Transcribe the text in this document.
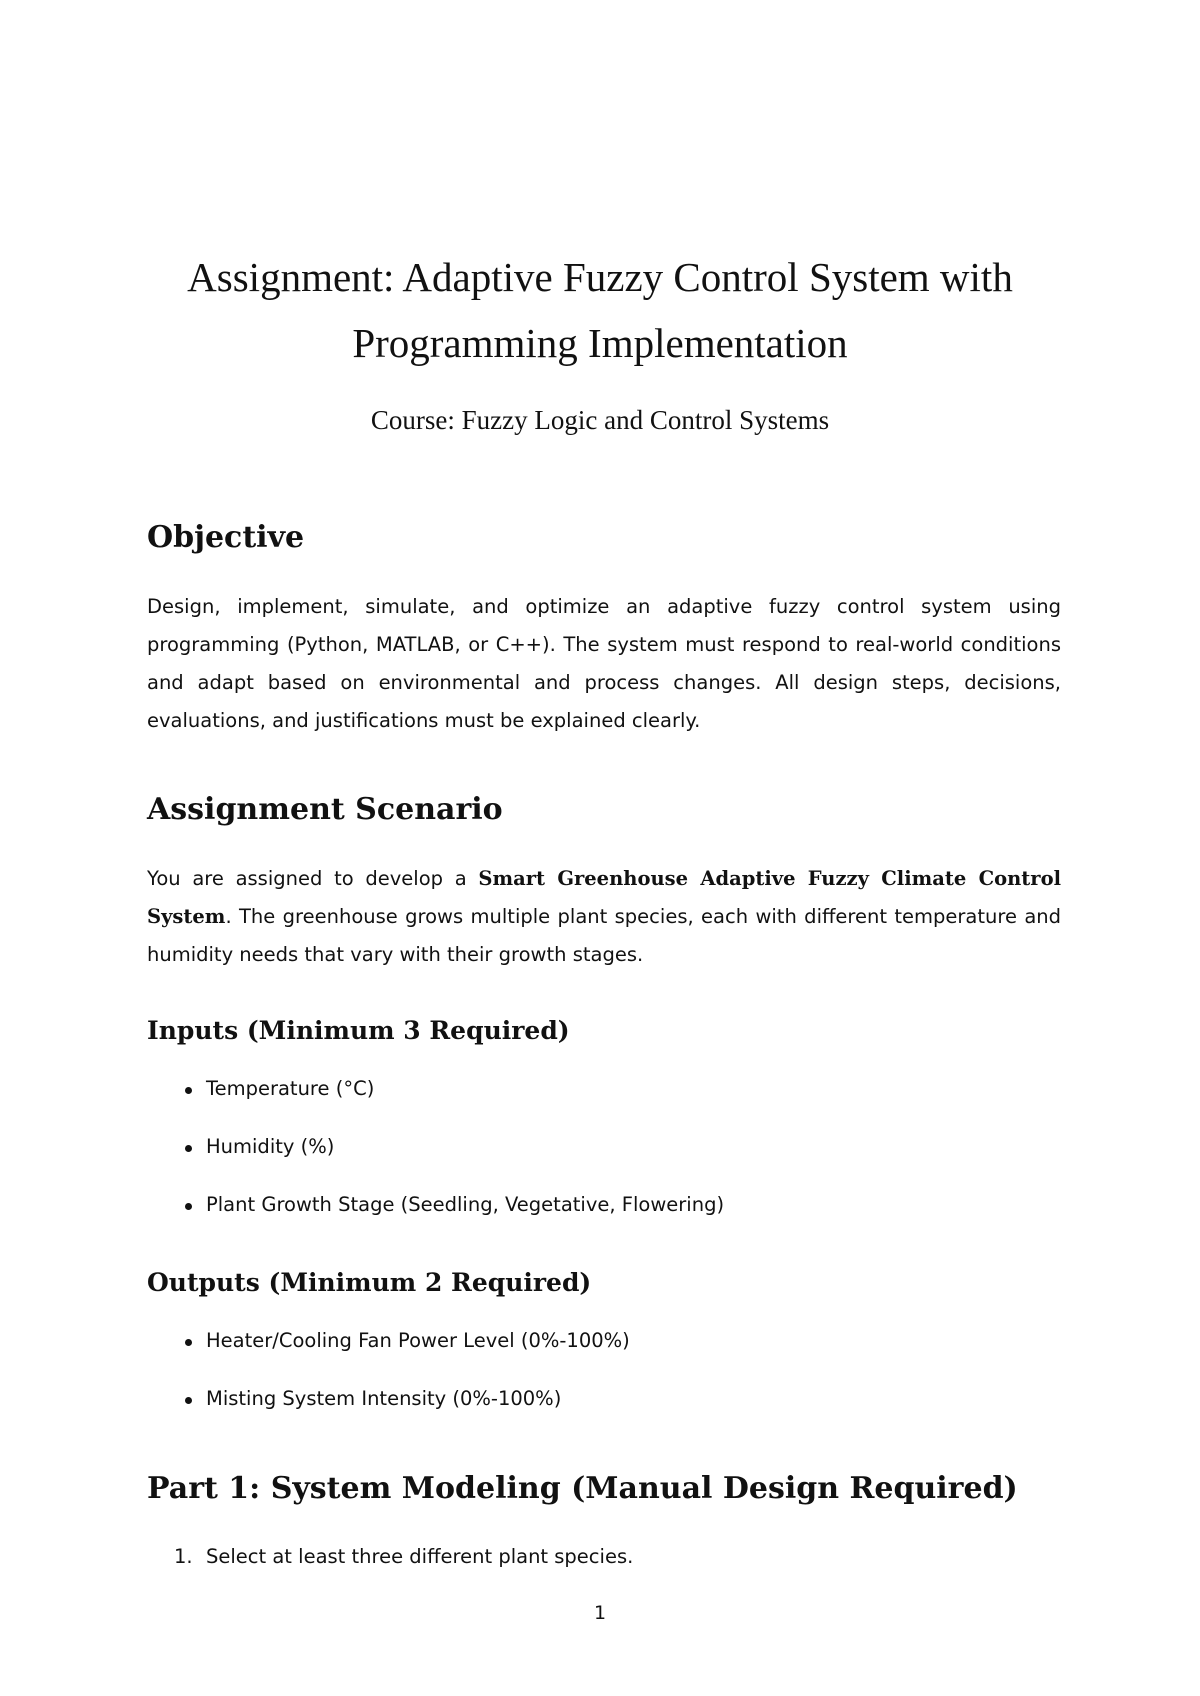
Assignment: Adaptive Fuzzy Control System with
Programming Implementation

Course: Fuzzy Logic and Control Systems

Objective

Design, implement, simulate, and optimize an adaptive fuzzy control system using programming (Python, MATLAB, or C++). The system must respond to real-world conditions and adapt based on environmental and process changes. All design steps, decisions, evaluations, and justifications must be explained clearly.

Assignment Scenario

You are assigned to develop a Smart Greenhouse Adaptive Fuzzy Climate Control System. The greenhouse grows multiple plant species, each with different temperature and humidity needs that vary with their growth stages.

Inputs (Minimum 3 Required)
Temperature (°C)
Humidity (%)
Plant Growth Stage (Seedling, Vegetative, Flowering)
Outputs (Minimum 2 Required)
Heater/Cooling Fan Power Level (0%-100%)
Misting System Intensity (0%-100%)
Part 1: System Modeling (Manual Design Required)
1. Select at least three different plant species.
1
